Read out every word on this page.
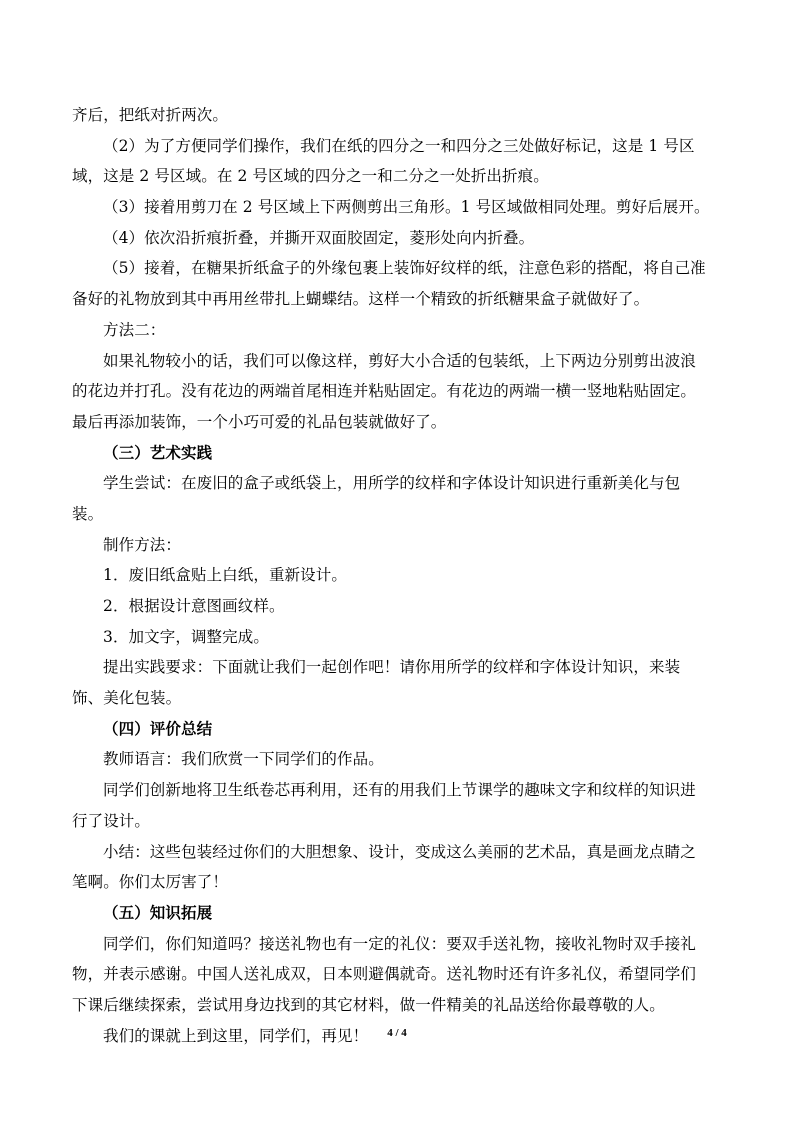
齐后，把纸对折两次。
（2）为了方便同学们操作，我们在纸的四分之一和四分之三处做好标记，这是 1 号区
域，这是 2 号区域。在 2 号区域的四分之一和二分之一处折出折痕。
（3）接着用剪刀在 2 号区域上下两侧剪出三角形。1 号区域做相同处理。剪好后展开。
（4）依次沿折痕折叠，并撕开双面胶固定，菱形处向内折叠。
（5）接着，在糖果折纸盒子的外缘包裹上装饰好纹样的纸，注意色彩的搭配，将自己准
备好的礼物放到其中再用丝带扎上蝴蝶结。这样一个精致的折纸糖果盒子就做好了。
方法二：
如果礼物较小的话，我们可以像这样，剪好大小合适的包装纸，上下两边分别剪出波浪
的花边并打孔。没有花边的两端首尾相连并粘贴固定。有花边的两端一横一竖地粘贴固定。
最后再添加装饰，一个小巧可爱的礼品包装就做好了。
（三）艺术实践
学生尝试：在废旧的盒子或纸袋上，用所学的纹样和字体设计知识进行重新美化与包
装。
制作方法：
1．废旧纸盒贴上白纸，重新设计。
2．根据设计意图画纹样。
3．加文字，调整完成。
提出实践要求：下面就让我们一起创作吧！请你用所学的纹样和字体设计知识，来装
饰、美化包装。
（四）评价总结
教师语言：我们欣赏一下同学们的作品。
同学们创新地将卫生纸卷芯再利用，还有的用我们上节课学的趣味文字和纹样的知识进
行了设计。
小结：这些包装经过你们的大胆想象、设计，变成这么美丽的艺术品，真是画龙点睛之
笔啊。你们太厉害了！
（五）知识拓展
同学们，你们知道吗？接送礼物也有一定的礼仪：要双手送礼物，接收礼物时双手接礼
物，并表示感谢。中国人送礼成双，日本则避偶就奇。送礼物时还有许多礼仪，希望同学们
下课后继续探索，尝试用身边找到的其它材料，做一件精美的礼品送给你最尊敬的人。
我们的课就上到这里，同学们，再见！	4 / 4
